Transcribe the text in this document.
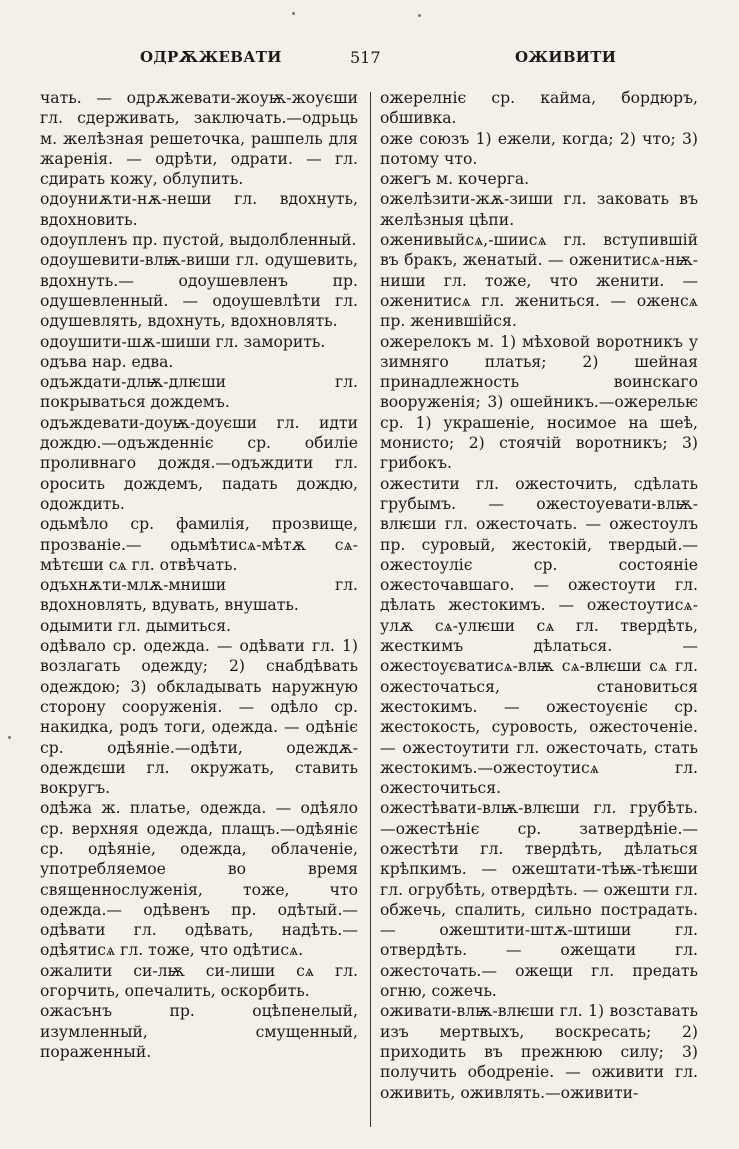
ОДРѪЖЕВАТИ	517	ОЖИВИТИ

чать. — одрѫжевати-жоуѭ-жоуєши гл. сдерживать, заключать.—одрьць м. желѣзная решеточка, рашпель для жаренія. — одрѣти, одрати. — гл. сдирать кожу, облупить.

одоуниѫти-нѫ-неши гл. вдохнуть, вдохновить.

одоупленъ пр. пустой, выдолбленный.

одоушевити-влѭ-виши гл. одушевить, вдохнуть.— одоушевленъ пр. одушевленный. — одоушевлѣти гл. одушевлять, вдохнуть, вдохновлять.

одоушити-шѫ-шиши гл. заморить.

одъва нар. едва.

одъждати-длѭ-длѥши гл. покрываться дождемъ.

одъждевати-доуѭ-доуєши гл. идти дождю.—одъжденніє ср. обиліе проливнаго дождя.—одъждити гл. оросить дождемъ, падать дождю, одождить.

одьмѣло ср. фамилія, прозвище, прозваніе.— одьмѣтисѧ-мѣтѫ сѧ-мѣтєши сѧ гл. отвѣчать.

одъхнѫти-млѫ-мниши гл. вдохновлять, вдувать, внушать.

одымити гл. дымиться.

одѣвало ср. одежда. — одѣвати гл. 1) возлагать одежду; 2) снабдѣвать одеждою; 3) обкладывать наружную сторону сооруженія. — одѣло ср. накидка, родъ тоги, одежда. — одѣніє ср. одѣяніе.—одѣти, одеждѫ-одеждєши гл. окружать, ставить вокругъ.

одѣжа ж. платье, одежда. — одѣяло ср. верхняя одежда, плащъ.—одѣяніє ср. одѣяніе, одежда, облаченіе, употребляемое во время священнослуженія, тоже, что одежда.— одѣвенъ пр. одѣтый.—одѣвати гл. одѣвать, надѣть.— одѣятисѧ гл. тоже, что одѣтисѧ.

ожалити си-лѭ си-лиши сѧ гл. огорчить, опечалить, оскорбить.

ожасънъ пр. оцѣпенелый, изумленный, смущенный, пораженный.

ожерелніє ср. кайма, бордюръ, обшивка.

оже союзъ 1) ежели, когда; 2) что; 3) потому что.

ожегъ м. кочерга.

ожелѣзити-жѫ-зиши гл. заковать въ желѣзныя цѣпи.

оженивыйсѧ,-шиисѧ гл. вступившій въ бракъ, женатый. — оженитисѧ-нѭ-ниши гл. тоже, что женити. — оженитисѧ гл. жениться. — оженсѧ пр. женившійся.

ожерелокъ м. 1) мѣховой воротникъ у зимняго платья; 2) шейная принадлежность воинскаго вооруженія; 3) ошейникъ.—ожерельѥ ср. 1) украшеніе, носимое на шеѣ, монисто; 2) стоячій воротникъ; 3) грибокъ.

ожестити гл. ожесточить, сдѣлать грубымъ. — ожестоуевати-влѭ-влѥши гл. ожесточать. — ожестоулъ пр. суровый, жестокій, твердый.—ожестоуліє ср. состояніе ожесточавшаго. — ожестоути гл. дѣлать жестокимъ. — ожестоутисѧ-улѫ сѧ-улѥши сѧ гл. твердѣть, жесткимъ дѣлаться. — ожестоуєватисѧ-влѭ сѧ-влѥши сѧ гл. ожесточаться, становиться жестокимъ. — ожестоуєніє ср. жестокость, суровость, ожесточеніе. — ожестоутити гл. ожесточать, стать жестокимъ.—ожестоутисѧ гл. ожесточиться.

ожестѣвати-влѭ-влѥши гл. грубѣть. —ожестѣніє ср. затвердѣніе.—ожестѣти гл. твердѣть, дѣлаться крѣпкимъ. — ожештати-тѣѭ-тѣѥши гл. огрубѣть, отвердѣть. — ожешти гл. обжечь, спалить, сильно пострадать. — ожештити-штѫ-штиши гл. отвердѣть. — ожещати гл. ожесточать.— ожещи гл. предать огню, сожечь.

оживати-влѭ-влѥши гл. 1) возставать изъ мертвыхъ, воскресать; 2) приходить въ прежнюю силу; 3) получить ободреніе. — оживити гл. оживить, оживлять.—оживити-
